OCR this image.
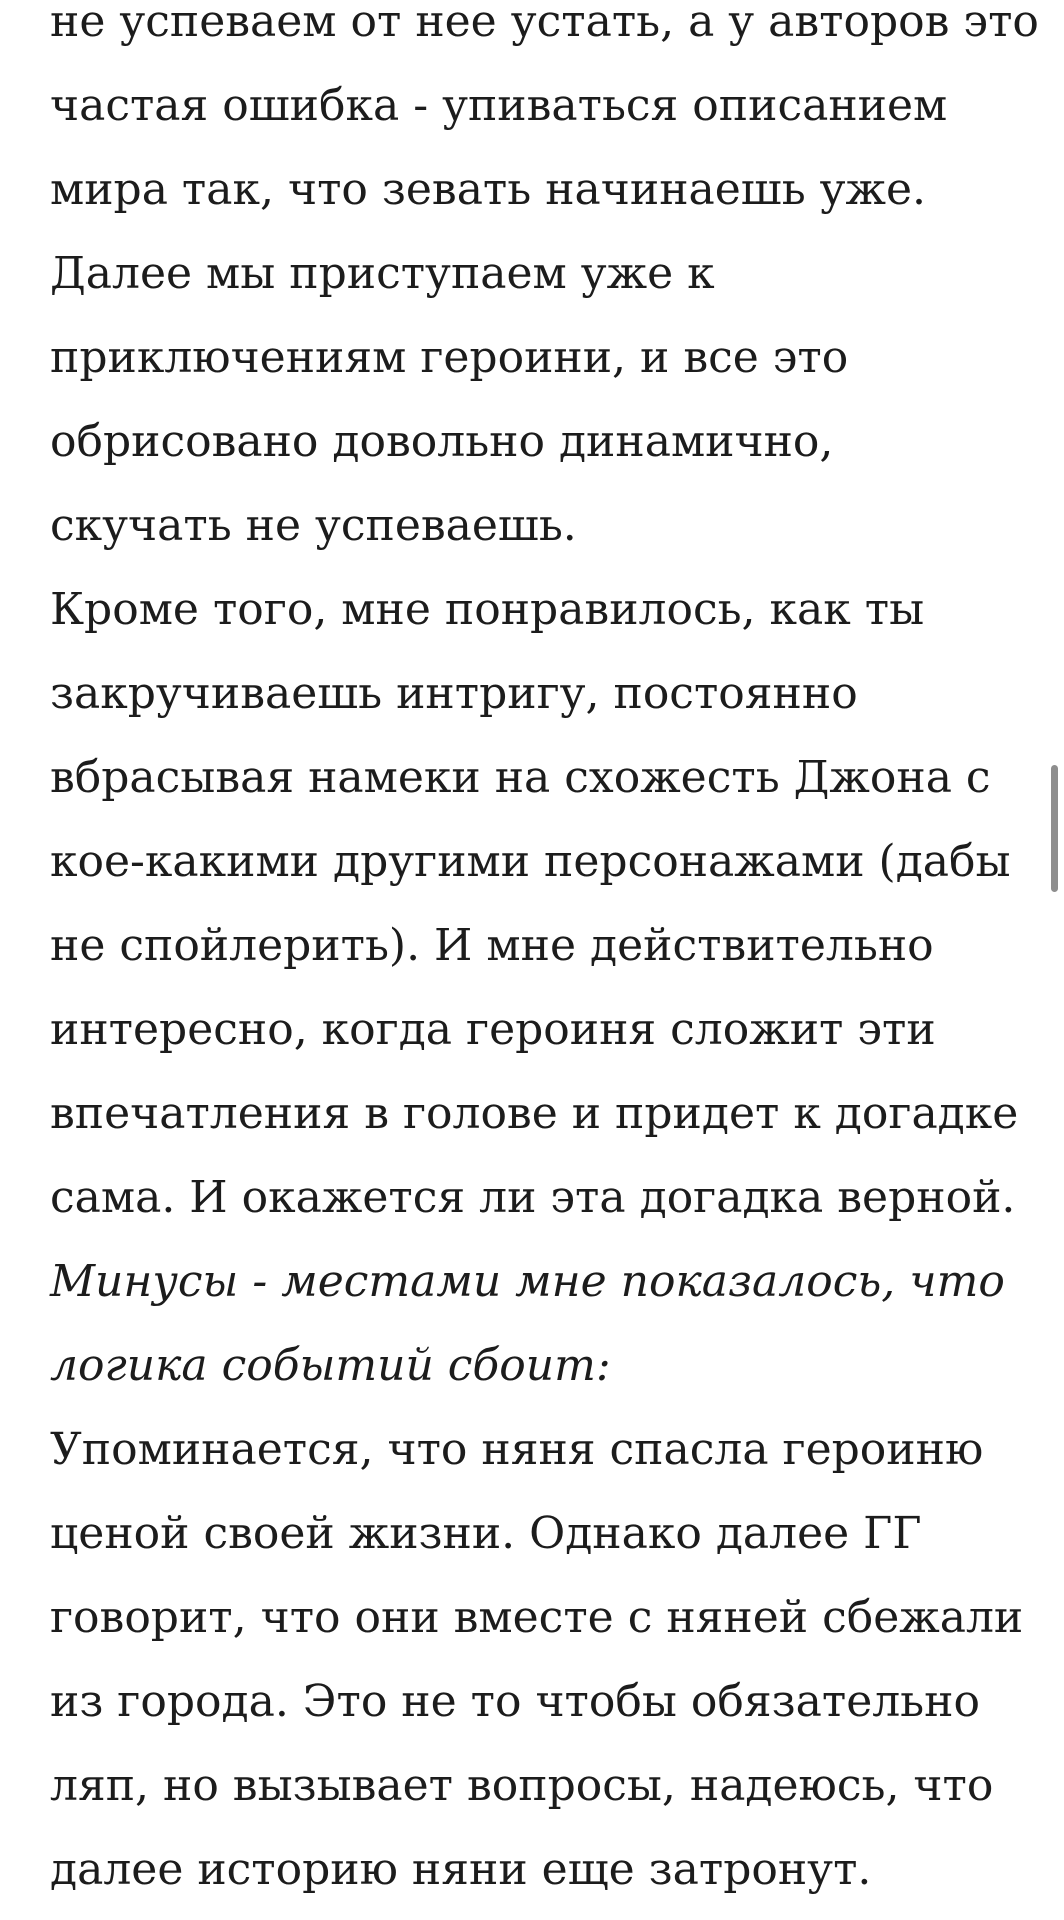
не успеваем от нее устать, а у авторов это
частая ошибка - упиваться описанием
мира так, что зевать начинаешь уже.
Далее мы приступаем уже к
приключениям героини, и все это
обрисовано довольно динамично,
скучать не успеваешь.
Кроме того, мне понравилось, как ты
закручиваешь интригу, постоянно
вбрасывая намеки на схожесть Джона с
кое-какими другими персонажами (дабы
не спойлерить). И мне действительно
интересно, когда героиня сложит эти
впечатления в голове и придет к догадке
сама. И окажется ли эта догадка верной.
Минусы - местами мне показалось, что
логика событий сбоит:
Упоминается, что няня спасла героиню
ценой своей жизни. Однако далее ГГ
говорит, что они вместе с няней сбежали
из города. Это не то чтобы обязательно
ляп, но вызывает вопросы, надеюсь, что
далее историю няни еще затронут.
